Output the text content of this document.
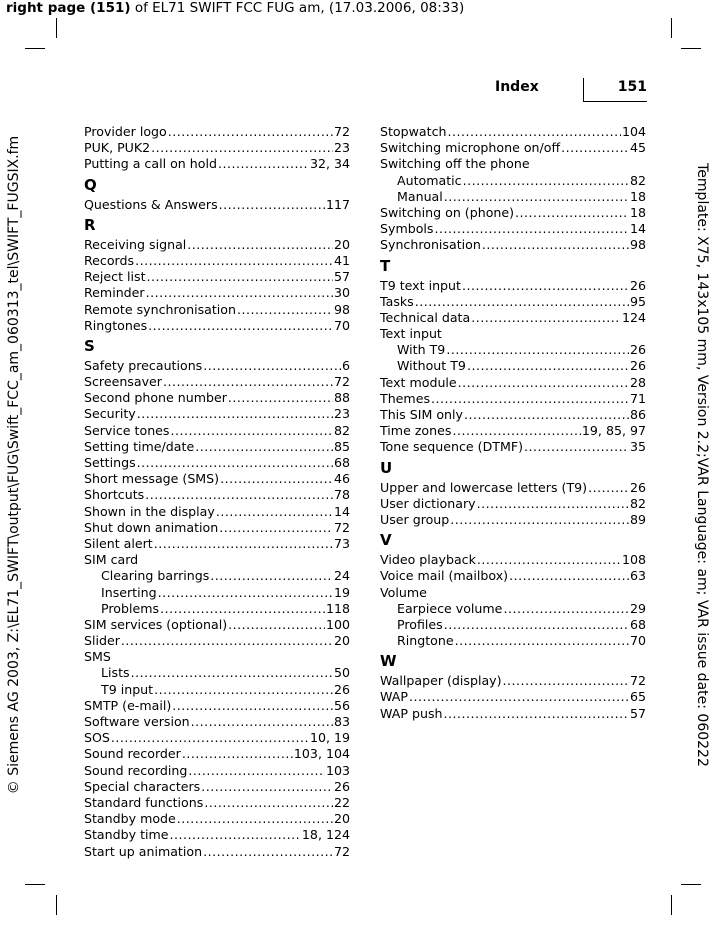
right page (151) of EL71 SWIFT FCC FUG am, (17.03.2006, 08:33)
Template: X75, 143x105 mm, Version 2.2;VAR Language: am; VAR issue date: 060222
© Siemens AG 2003, Z:\EL71_SWIFT\output\FUG\Swift_FCC_am_060313_tel\SWIFT_FUGSIX.fm
Index	151
Provider logo .....	72
PUK, PUK2 .....	23
Putting a call on hold .....	32, 34
Q
Questions & Answers .....	117
R
Receiving signal .....	20
Records .....	41
Reject list .....	57
Reminder .....	30
Remote synchronisation .....	98
Ringtones .....	70
S
Safety precautions .....	6
Screensaver .....	72
Second phone number .....	88
Security .....	23
Service tones .....	82
Setting time/date .....	85
Settings .....	68
Short message (SMS) .....	46
Shortcuts .....	78
Shown in the display .....	14
Shut down animation .....	72
Silent alert .....	73
SIM card
Clearing barrings .....	24
Inserting .....	19
Problems .....	118
SIM services (optional) .....	100
Slider .....	20
SMS
Lists .....	50
T9 input .....	26
SMTP (e-mail) .....	56
Software version .....	83
SOS .....	10, 19
Sound recorder .....	103, 104
Sound recording .....	103
Special characters .....	26
Standard functions .....	22
Standby mode .....	20
Standby time .....	18, 124
Start up animation .....	72
Stopwatch .....	104
Switching microphone on/off .....	45
Switching off the phone
Automatic .....	82
Manual .....	18
Switching on (phone) .....	18
Symbols .....	14
Synchronisation .....	98
T
T9 text input .....	26
Tasks .....	95
Technical data .....	124
Text input
With T9 .....	26
Without T9 .....	26
Text module .....	28
Themes .....	71
This SIM only .....	86
Time zones .....	19, 85, 97
Tone sequence (DTMF) .....	35
U
Upper and lowercase letters (T9) .....	26
User dictionary .....	82
User group .....	89
V
Video playback .....	108
Voice mail (mailbox) .....	63
Volume
Earpiece volume .....	29
Profiles .....	68
Ringtone .....	70
W
Wallpaper (display) .....	72
WAP .....	65
WAP push .....	57
